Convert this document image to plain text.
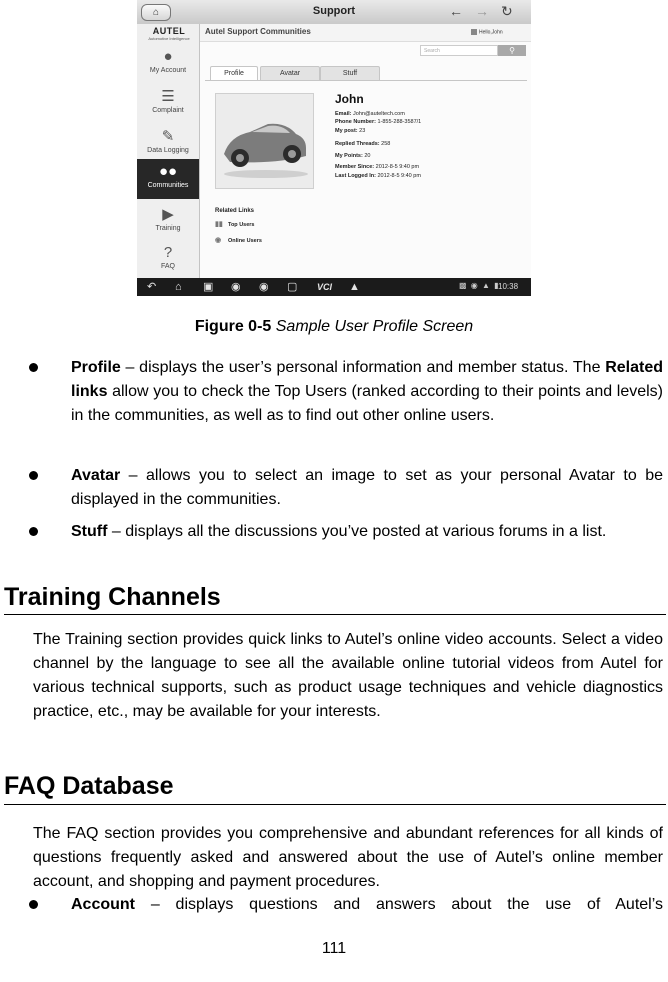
⌂	Support	← → ↻
AUTEL
Automotive Intelligence
●
My Account
☰
Complaint
✎
Data Logging
●●
Communities
▶
Training
?
FAQ
Autel Support Communities	Hello,John
Search	⚲
Profile	Avatar	Stuff
John
Email: John@auteltech.com
Phone Number: 1-855-288-3587/1
My post: 23
Replied Threads: 258
My Points: 20
Member Since: 2012-8-5 9:40 pm
Last Logged In: 2012-8-5 9:40 pm
Related Links
▮▮ Top Users
◉ Online Users
↶ ⌂ ▣ ◉ ◉ ▢ VCI ▲	▩ ◉ ▲ ▮
10:38
Figure 0-5 Sample User Profile Screen
Profile – displays the user’s personal information and member status. The Related links allow you to check the Top Users (ranked according to their points and levels) in the communities, as well as to find out other online users.
Avatar – allows you to select an image to set as your personal Avatar to be displayed in the communities.
Stuff – displays all the discussions you’ve posted at various forums in a list.
Training Channels
The Training section provides quick links to Autel’s online video accounts. Select a video channel by the language to see all the available online tutorial videos from Autel for various technical supports, such as product usage techniques and vehicle diagnostics practice, etc., may be available for your interests.
FAQ Database
The FAQ section provides you comprehensive and abundant references for all kinds of questions frequently asked and answered about the use of Autel’s online member account, and shopping and payment procedures.
Account – displays questions and answers about the use of Autel’s
111
